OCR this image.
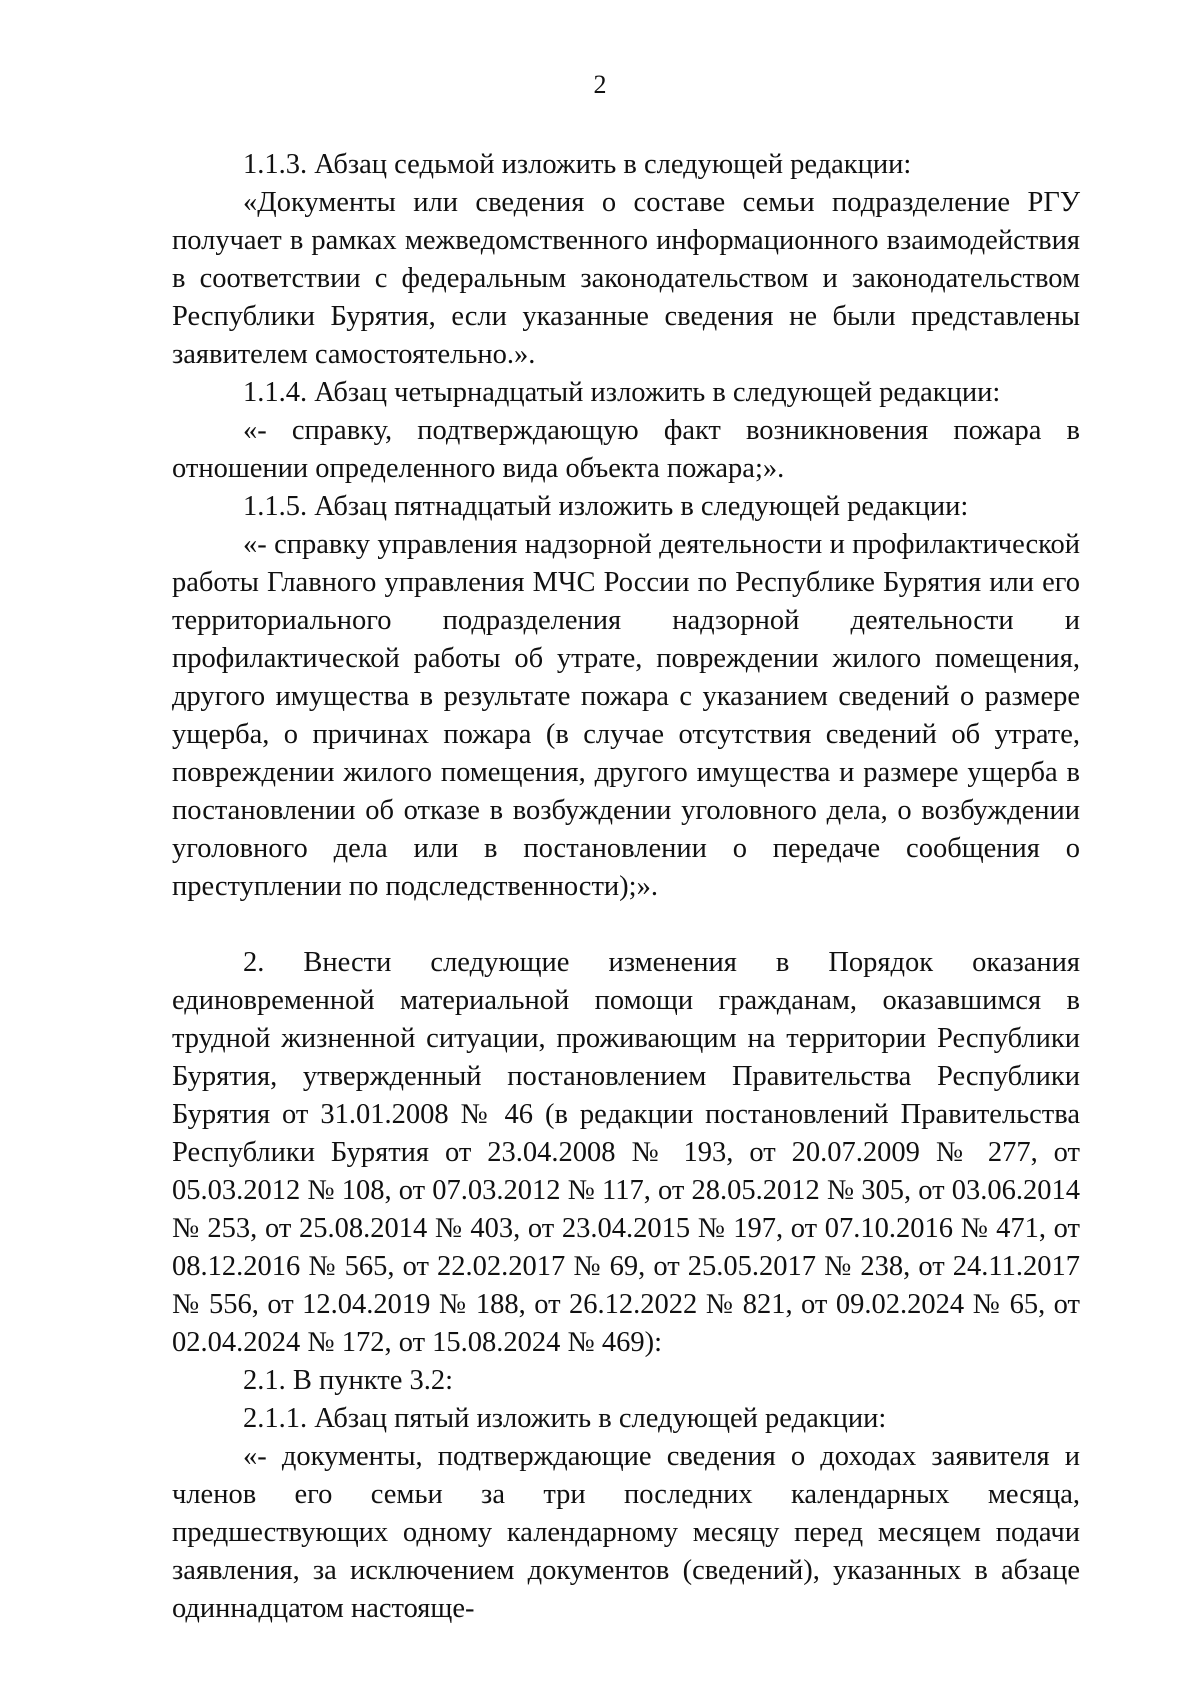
2

1.1.3. Абзац седьмой изложить в следующей редакции:

«Документы или сведения о составе семьи подразделение РГУ получает в рамках межведомственного информационного взаимодействия в соответствии с федеральным законодательством и законодательством Республики Бурятия, если указанные сведения не были представлены заявителем самостоятельно.».

1.1.4. Абзац четырнадцатый изложить в следующей редакции:

«- справку, подтверждающую факт возникновения пожара в отношении определенного вида объекта пожара;».

1.1.5. Абзац пятнадцатый изложить в следующей редакции:

«- справку управления надзорной деятельности и профилактической работы Главного управления МЧС России по Республике Бурятия или его территориального подразделения надзорной деятельности и профилактической работы об утрате, повреждении жилого помещения, другого имущества в результате пожара с указанием сведений о размере ущерба, о причинах пожара (в случае отсутствия сведений об утрате, повреждении жилого помещения, другого имущества и размере ущерба в постановлении об отказе в возбуждении уголовного дела, о возбуждении уголовного дела или в постановлении о передаче сообщения о преступлении по подследственности);».

2. Внести следующие изменения в Порядок оказания единовременной материальной помощи гражданам, оказавшимся в трудной жизненной ситуации, проживающим на территории Республики Бурятия, утвержденный постановлением Правительства Республики Бурятия от 31.01.2008 № 46 (в редакции постановлений Правительства Республики Бурятия от 23.04.2008 № 193, от 20.07.2009 № 277, от 05.03.2012 № 108, от 07.03.2012 № 117, от 28.05.2012 № 305, от 03.06.2014 № 253, от 25.08.2014 № 403, от 23.04.2015 № 197, от 07.10.2016 № 471, от 08.12.2016 № 565, от 22.02.2017 № 69, от 25.05.2017 № 238, от 24.11.2017 № 556, от 12.04.2019 № 188, от 26.12.2022 № 821, от 09.02.2024 № 65, от 02.04.2024 № 172, от 15.08.2024 № 469):

2.1. В пункте 3.2:

2.1.1. Абзац пятый изложить в следующей редакции:

«- документы, подтверждающие сведения о доходах заявителя и членов его семьи за три последних календарных месяца, предшествующих одному календарному месяцу перед месяцем подачи заявления, за исключением документов (сведений), указанных в абзаце одиннадцатом настояще-
